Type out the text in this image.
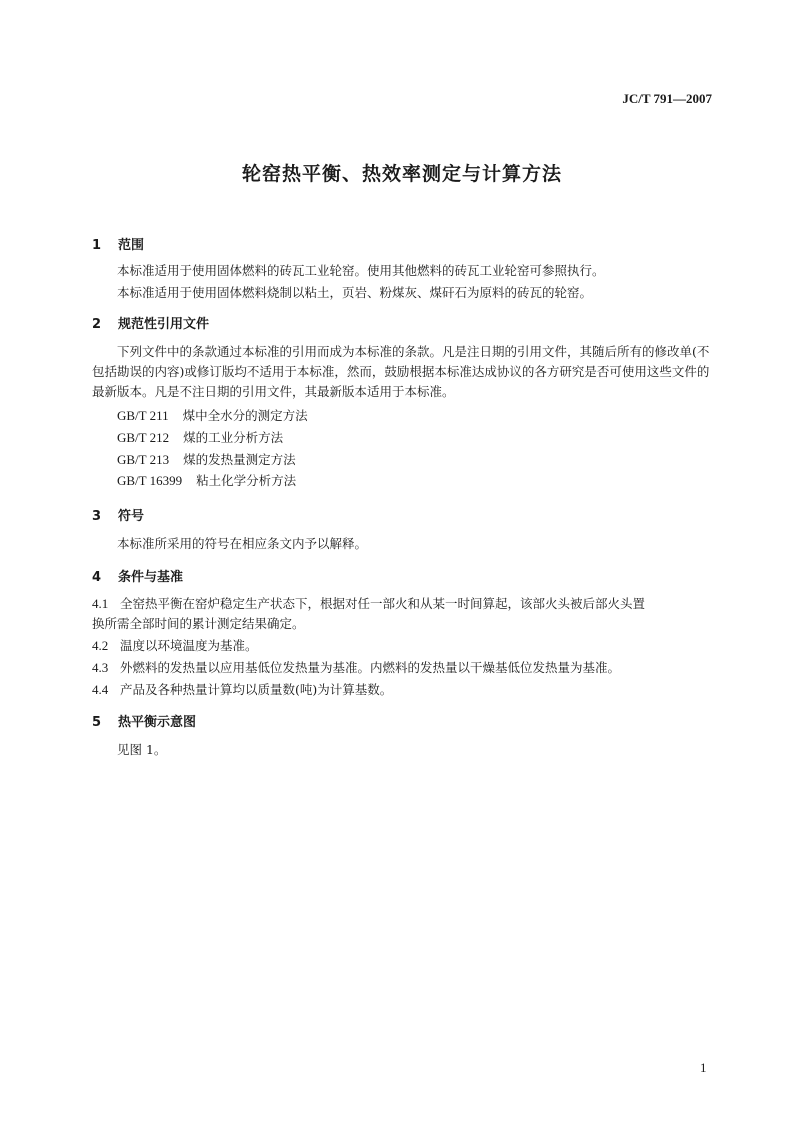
JC/T 791—2007
轮窑热平衡、热效率测定与计算方法
1 范围
本标准适用于使用固体燃料的砖瓦工业轮窑。使用其他燃料的砖瓦工业轮窑可参照执行。
本标准适用于使用固体燃料烧制以粘土，页岩、粉煤灰、煤矸石为原料的砖瓦的轮窑。
2 规范性引用文件
下列文件中的条款通过本标准的引用而成为本标准的条款。凡是注日期的引用文件，其随后所有的修改单(不包括勘误的内容)或修订版均不适用于本标准，然而，鼓励根据本标准达成协议的各方研究是否可使用这些文件的最新版本。凡是不注日期的引用文件，其最新版本适用于本标准。
GB/T 211 煤中全水分的测定方法
GB/T 212 煤的工业分析方法
GB/T 213 煤的发热量测定方法
GB/T 16399 粘土化学分析方法
3 符号
本标准所采用的符号在相应条文内予以解释。
4 条件与基准
4.1 全窑热平衡在窑炉稳定生产状态下，根据对任一部火和从某一时间算起，该部火头被后部火头置
换所需全部时间的累计测定结果确定。
4.2 温度以环境温度为基准。
4.3 外燃料的发热量以应用基低位发热量为基准。内燃料的发热量以干燥基低位发热量为基准。
4.4 产品及各种热量计算均以质量数(吨)为计算基数。
5 热平衡示意图
见图 1。
1
